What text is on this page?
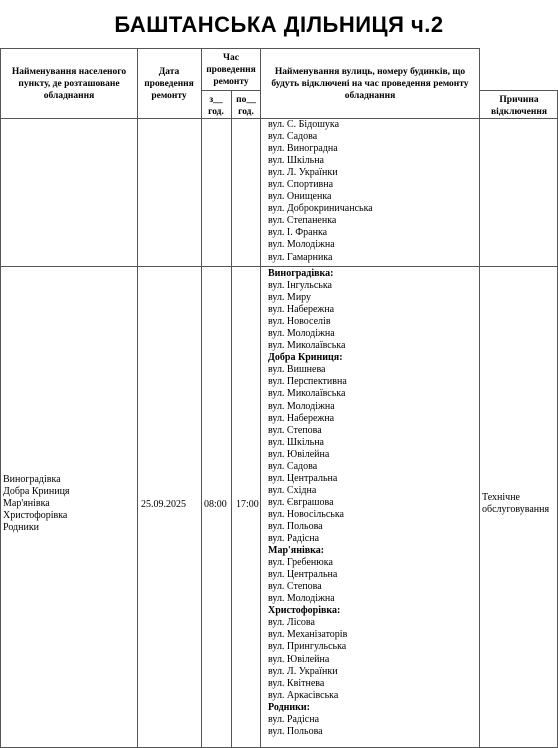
БАШТАНСЬКА ДІЛЬНИЦЯ ч.2
Найменування населеного пункту, де розташоване обладнання
Дата проведення ремонту
Час проведення ремонту
з__ год.
по__ год.
Найменування вулиць, номеру будинків, що будуть відключені на час проведення ремонту обладнання	Причина відключення
вул. С. Бідошука
вул. Садова
вул. Виноградна
вул. Шкільна
вул. Л. Українки
вул. Спортивна
вул. Онищенка
вул. Доброкриничанська
вул. Степаненка
вул. І. Франка
вул. Молодіжна
вул. Гамарника
Виноградівка
Добра Криниця
Мар'янівка
Христофорівка
Родники
25.09.2025 08:00 17:00
Технічне обслуговування
Виноградівка:
вул. Інгульська
вул. Миру
вул. Набережна
вул. Новоселів
вул. Молодіжна
вул. Миколаївська
Добра Криниця:
вул. Вишнева
вул. Перспективна
вул. Миколаївська
вул. Молодіжна
вул. Набережна
вул. Степова
вул. Шкільна
вул. Ювілейна
вул. Садова
вул. Центральна
вул. Східна
вул. Євграшова
вул. Новосільська
вул. Польова
вул. Радісна
Мар'янівка:
вул. Гребенюка
вул. Центральна
вул. Степова
вул. Молодіжна
Христофорівка:
вул. Лісова
вул. Механізаторів
вул. Прингульська
вул. Ювілейна
вул. Л. Українки
вул. Квітнева
вул. Аркасівська
Родники:
вул. Радісна
вул. Польова
